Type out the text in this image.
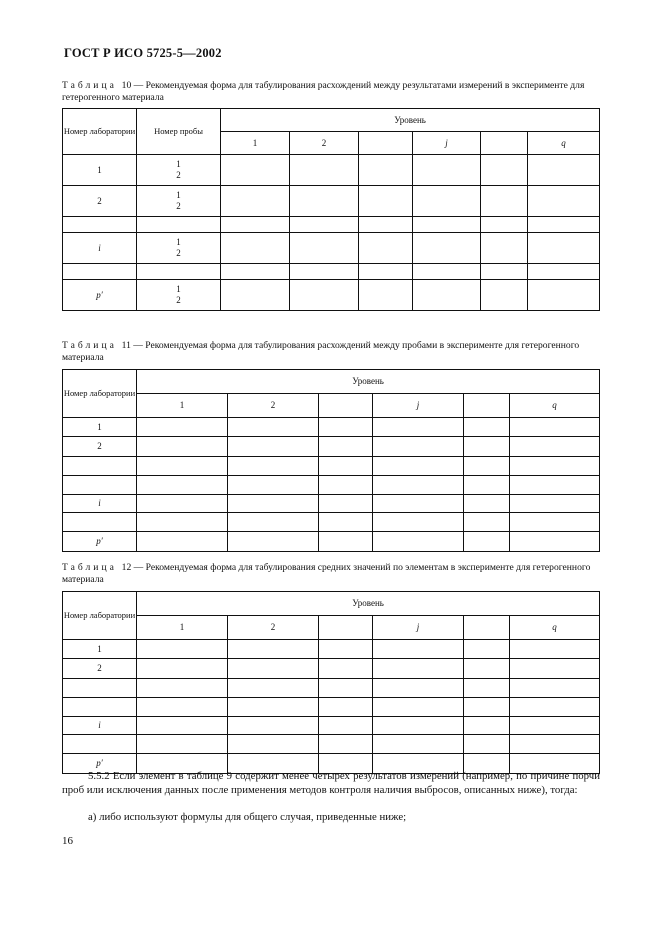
ГОСТ Р ИСО 5725-5—2002
Таблица 10 — Рекомендуемая форма для табулирования расхождений между результатами измерений в эксперименте для гетерогенного материала
Номер лаборатории	Номер пробы	Уровень					
		1	2		j		q
1	1
2						
2	1
2						

i	1
2						

p′	1
2						
Таблица 11 — Рекомендуемая форма для табулирования расхождений между пробами в эксперименте для гетерогенного материала
Номер лаборатории	Уровень					
	1	2		j		q
1						
2						

i						

p′						
Таблица 12 — Рекомендуемая форма для табулирования средних значений по элементам в эксперименте для гетерогенного материала
Номер лаборатории	Уровень					
	1	2		j		q
1						
2						

i						

p′						
5.5.2 Если элемент в таблице 9 содержит менее четырех результатов измерений (например, по причине порчи проб или исключения данных после применения методов контроля наличия выбросов, описанных ниже), тогда:
а) либо используют формулы для общего случая, приведенные ниже;
16
